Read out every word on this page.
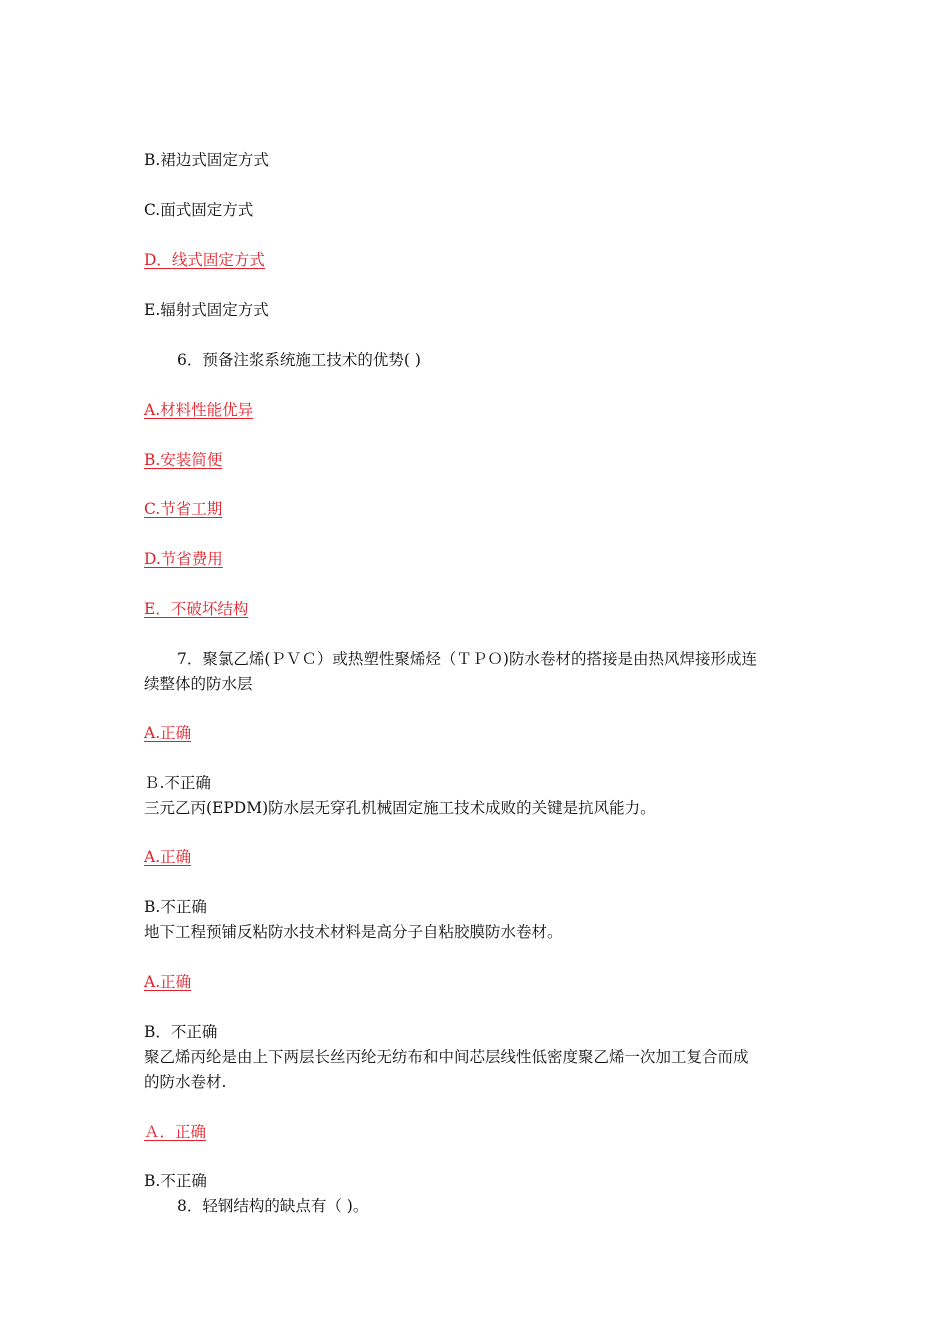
B.裙边式固定方式
C.面式固定方式
D．线式固定方式
E.辐射式固定方式
6．预备注浆系统施工技术的优势( )
A.材料性能优异
B.安装简便
C.节省工期
D.节省费用
E．不破坏结构
7．聚氯乙烯(ＰＶＣ）或热塑性聚烯烃（ＴＰＯ)防水卷材的搭接是由热风焊接形成连
续整体的防水层
A.正确
Ｂ.不正确
三元乙丙(EPDM)防水层无穿孔机械固定施工技术成败的关键是抗风能力。
A.正确
B.不正确
地下工程预铺反粘防水技术材料是高分子自粘胶膜防水卷材。
A.正确
B．不正确
聚乙烯丙纶是由上下两层长丝丙纶无纺布和中间芯层线性低密度聚乙烯一次加工复合而成
的防水卷材.
Ａ．正确
B.不正确
8．轻钢结构的缺点有（ )。
